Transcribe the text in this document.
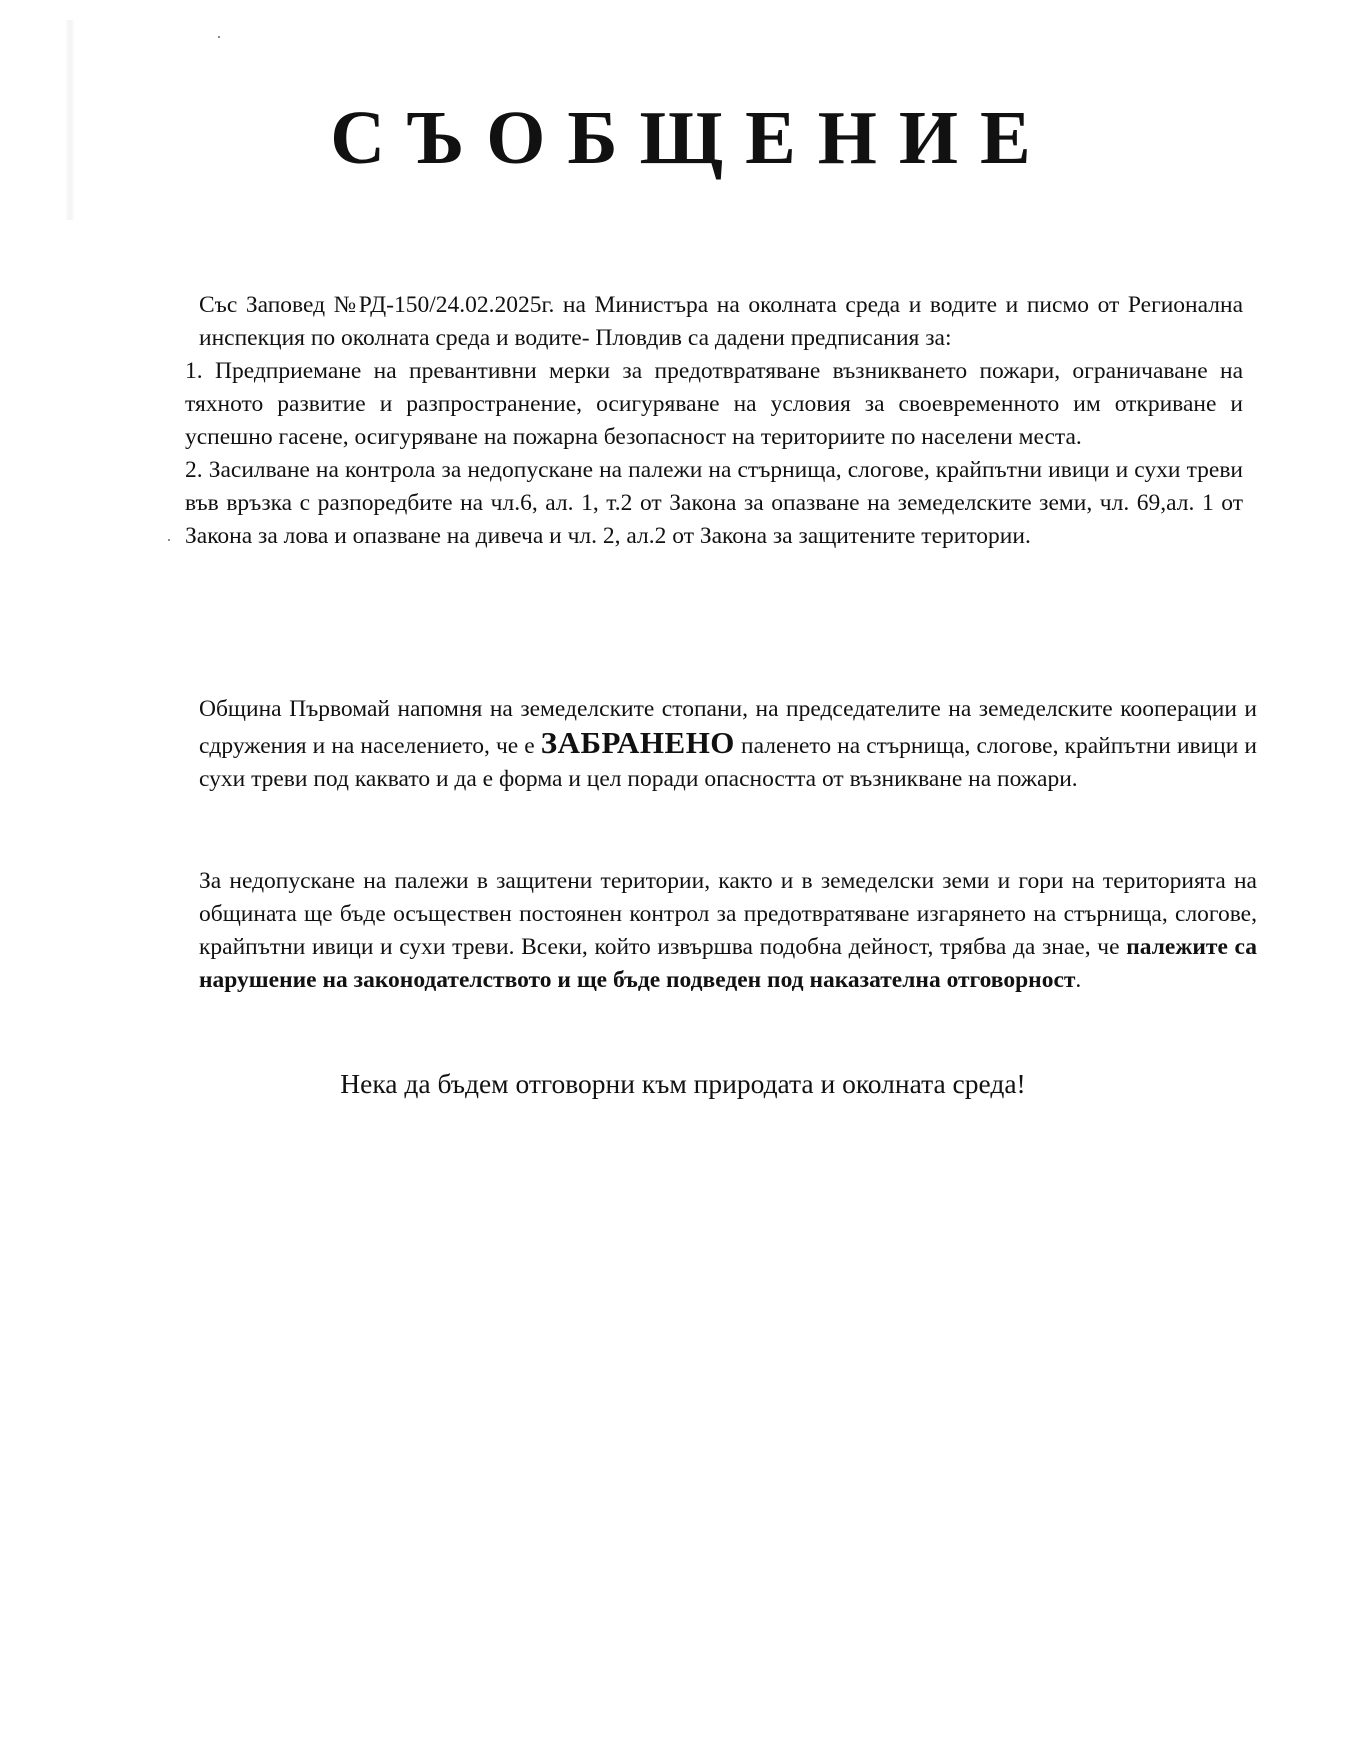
СЪОБЩЕНИЕ
Със Заповед №РД-150/24.02.2025г. на Министъра на околната среда и водите и писмо от Регионална инспекция по околната среда и водите- Пловдив са дадени предписания за:
1. Предприемане на превантивни мерки за предотвратяване възникването пожари, ограничаване на тяхното развитие и разпространение, осигуряване на условия за своевременното им откриване и успешно гасене, осигуряване на пожарна безопасност на териториите по населени места.
2. Засилване на контрола за недопускане на палежи на стърнища, слогове, крайпътни ивици и сухи треви във връзка с разпоредбите на чл.6, ал. 1, т.2 от Закона за опазване на земеделските земи, чл. 69,ал. 1 от Закона за лова и опазване на дивеча и чл. 2, ал.2 от Закона за защитените територии.
Община Първомай напомня на земеделските стопани, на председателите на земеделските кооперации и сдружения и на населението, че е ЗАБРАНЕНО паленето на стърнища, слогове, крайпътни ивици и сухи треви под каквато и да е форма и цел поради опасността от възникване на пожари.
За недопускане на палежи в защитени територии, както и в земеделски земи и гори на територията на общината ще бъде осъществен постоянен контрол за предотвратяване изгарянето на стърнища, слогове, крайпътни ивици и сухи треви. Всеки, който извършва подобна дейност, трябва да знае, че палежите са нарушение на законодателството и ще бъде подведен под наказателна отговорност.
Нека да бъдем отговорни към природата и околната среда!
